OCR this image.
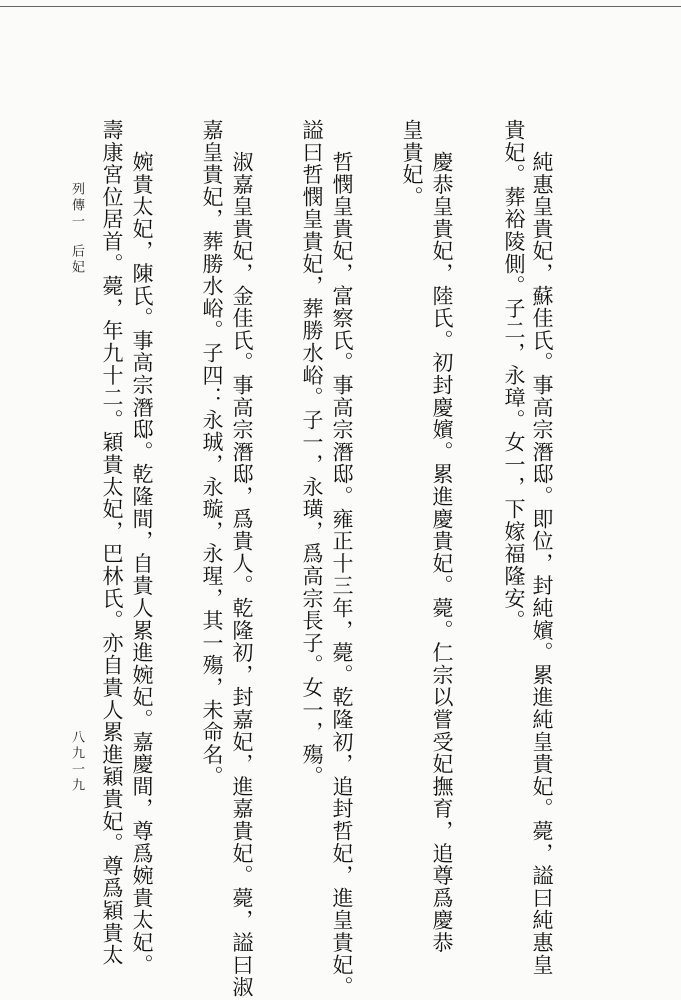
皇貴妃。	純惠皇貴妃，蘇佳氏。事高宗潛邸。即位，封純嬪。累進純皇貴妃。薨，謚曰純惠皇
貴妃。葬裕陵側。子二，永璋。女一，下嫁福隆安。
慶恭皇貴妃，陸氏。初封慶嬪。累進慶貴妃。薨。仁宗以嘗受妃撫育，追尊爲慶恭
謚曰哲憫皇貴妃，葬勝水峪。子一，永璜，爲高宗長子。女一，殤。 哲憫皇貴妃，富察氏。事高宗潛邸。雍正十三年，薨。乾隆初，追封哲妃，進皇貴妃。
嘉皇貴妃，葬勝水峪。子四：永珹，永璇，永瑆，其一殤，未命名。 淑嘉皇貴妃，金佳氏。事高宗潛邸，爲貴人。乾隆初，封嘉妃，進嘉貴妃。薨，謚曰淑
壽康宮位居首。薨，年九十二。穎貴太妃，巴林氏。亦自貴人累進穎貴妃。尊爲穎貴太 婉貴太妃，陳氏。事高宗潛邸。乾隆間，自貴人累進婉妃。嘉慶間，尊爲婉貴太妃。
列傳一后妃
八九一九
